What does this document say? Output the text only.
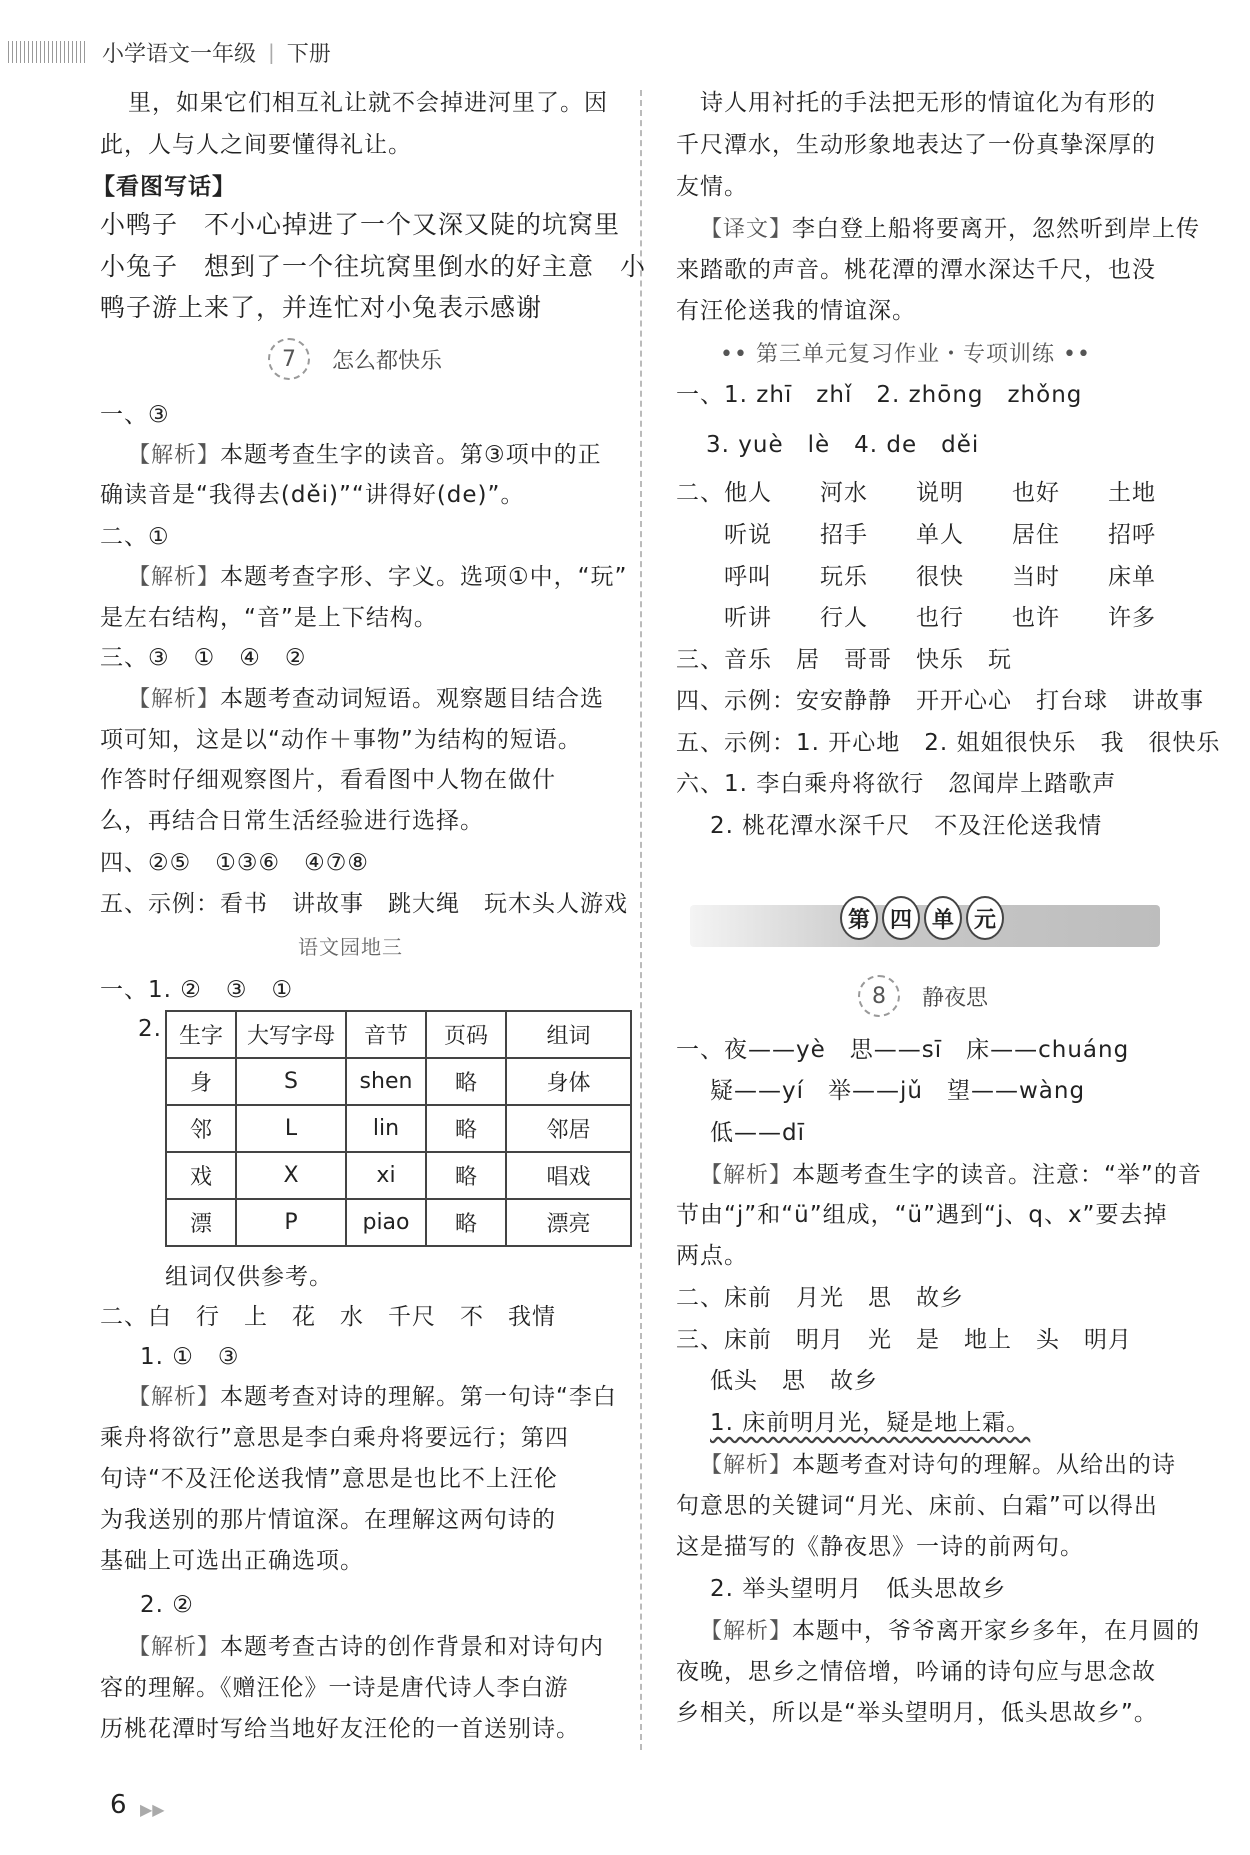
小学语文一年级 | 下册
里，如果它们相互礼让就不会掉进河里了。因
此，人与人之间要懂得礼让。
【看图写话】
小鸭子　不小心掉进了一个又深又陡的坑窝里
小兔子　想到了一个往坑窝里倒水的好主意　小
鸭子游上来了，并连忙对小兔表示感谢
7	怎么都快乐
一、③
【解析】本题考查生字的读音。第③项中的正
确读音是“我得去(děi)”“讲得好(de)”。
二、①
【解析】本题考查字形、字义。选项①中，“玩”
是左右结构，“音”是上下结构。
三、③　①　④　②
【解析】本题考查动词短语。观察题目结合选
项可知，这是以“动作＋事物”为结构的短语。
作答时仔细观察图片，看看图中人物在做什
么，再结合日常生活经验进行选择。
四、②⑤　①③⑥　④⑦⑧
五、示例：看书　讲故事　跳大绳　玩木头人游戏
语文园地三
一、1. ②　③　①
2. 生字	大写字母	音节	页码	组词
身	S	shen	略	身体
邻	L	lin	略	邻居
戏	X	xi	略	唱戏
漂	P	piao	略	漂亮
组词仅供参考。
二、白　行　上　花　水　千尺　不　我情
1. ①　③
【解析】本题考查对诗的理解。第一句诗“李白
乘舟将欲行”意思是李白乘舟将要远行；第四
句诗“不及汪伦送我情”意思是也比不上汪伦
为我送别的那片情谊深。在理解这两句诗的
基础上可选出正确选项。
2. ②
【解析】本题考查古诗的创作背景和对诗句内
容的理解。《赠汪伦》一诗是唐代诗人李白游
历桃花潭时写给当地好友汪伦的一首送别诗。
诗人用衬托的手法把无形的情谊化为有形的
千尺潭水，生动形象地表达了一份真挚深厚的
友情。
【译文】李白登上船将要离开，忽然听到岸上传
来踏歌的声音。桃花潭的潭水深达千尺，也没
有汪伦送我的情谊深。
•• 第三单元复习作业・专项训练 ••
一、1. zhī　zhǐ　2. zhōng　zhǒng
3. yuè　lè　4. de　děi
二、他人　　河水　　说明　　也好　　土地
　　听说　　招手　　单人　　居住　　招呼
　　呼叫　　玩乐　　很快　　当时　　床单
　　听讲　　行人　　也行　　也许　　许多
三、音乐　居　哥哥　快乐　玩
四、示例：安安静静　开开心心　打台球　讲故事
五、示例：1. 开心地　2. 姐姐很快乐　我　很快乐
六、1. 李白乘舟将欲行　忽闻岸上踏歌声
2. 桃花潭水深千尺　不及汪伦送我情
第 四 单 元
8	静夜思
一、夜——yè　思——sī　床——chuáng
疑——yí　举——jǔ　望——wàng
低——dī
【解析】本题考查生字的读音。注意：“举”的音
节由“j”和“ü”组成，“ü”遇到“j、q、x”要去掉
两点。
二、床前　月光　思　故乡
三、床前　明月　光　是　地上　头　明月
低头　思　故乡
1. 床前明月光，疑是地上霜。
【解析】本题考查对诗句的理解。从给出的诗
句意思的关键词“月光、床前、白霜”可以得出
这是描写的《静夜思》一诗的前两句。
2. 举头望明月　低头思故乡
【解析】本题中，爷爷离开家乡多年，在月圆的
夜晚，思乡之情倍增，吟诵的诗句应与思念故
乡相关，所以是“举头望明月，低头思故乡”。
6 ▶▶
